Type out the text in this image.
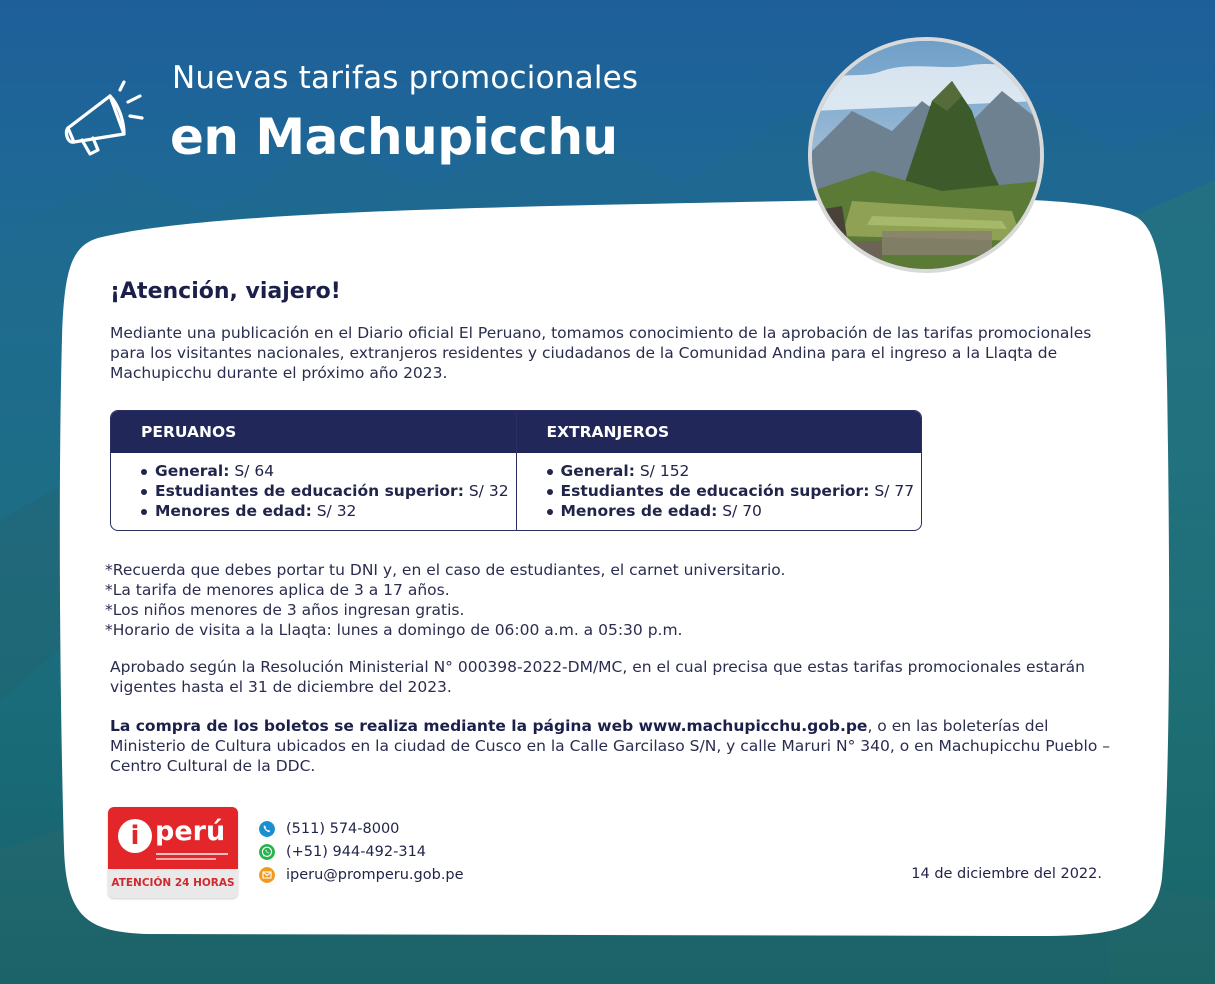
Nuevas tarifas promocionales
en Machupicchu
¡Atención, viajero!
Mediante una publicación en el Diario oficial El Peruano, tomamos conocimiento de la aprobación de las tarifas promocionales para los visitantes nacionales, extranjeros residentes y ciudadanos de la Comunidad Andina para el ingreso a la Llaqta de Machupicchu durante el próximo año 2023.
PERUANOS
General: S/ 64
Estudiantes de educación superior: S/ 32
Menores de edad: S/ 32
EXTRANJEROS
General: S/ 152
Estudiantes de educación superior: S/ 77
Menores de edad: S/ 70
*Recuerda que debes portar tu DNI y, en el caso de estudiantes, el carnet universitario.
*La tarifa de menores aplica de 3 a 17 años.
*Los niños menores de 3 años ingresan gratis.
*Horario de visita a la Llaqta: lunes a domingo de 06:00 a.m. a 05:30 p.m.
Aprobado según la Resolución Ministerial N° 000398-2022-DM/MC, en el cual precisa que estas tarifas promocionales estarán vigentes hasta el 31 de diciembre del 2023.
La compra de los boletos se realiza mediante la página web www.machupicchu.gob.pe, o en las boleterías del Ministerio de Cultura ubicados en la ciudad de Cusco en la Calle Garcilaso S/N, y calle Maruri N° 340, o en Machupicchu Pueblo – Centro Cultural de la DDC.
i perú
ATENCIÓN 24 HORAS
(511) 574-8000
(+51) 944-492-314
iperu@promperu.gob.pe	14 de diciembre del 2022.
